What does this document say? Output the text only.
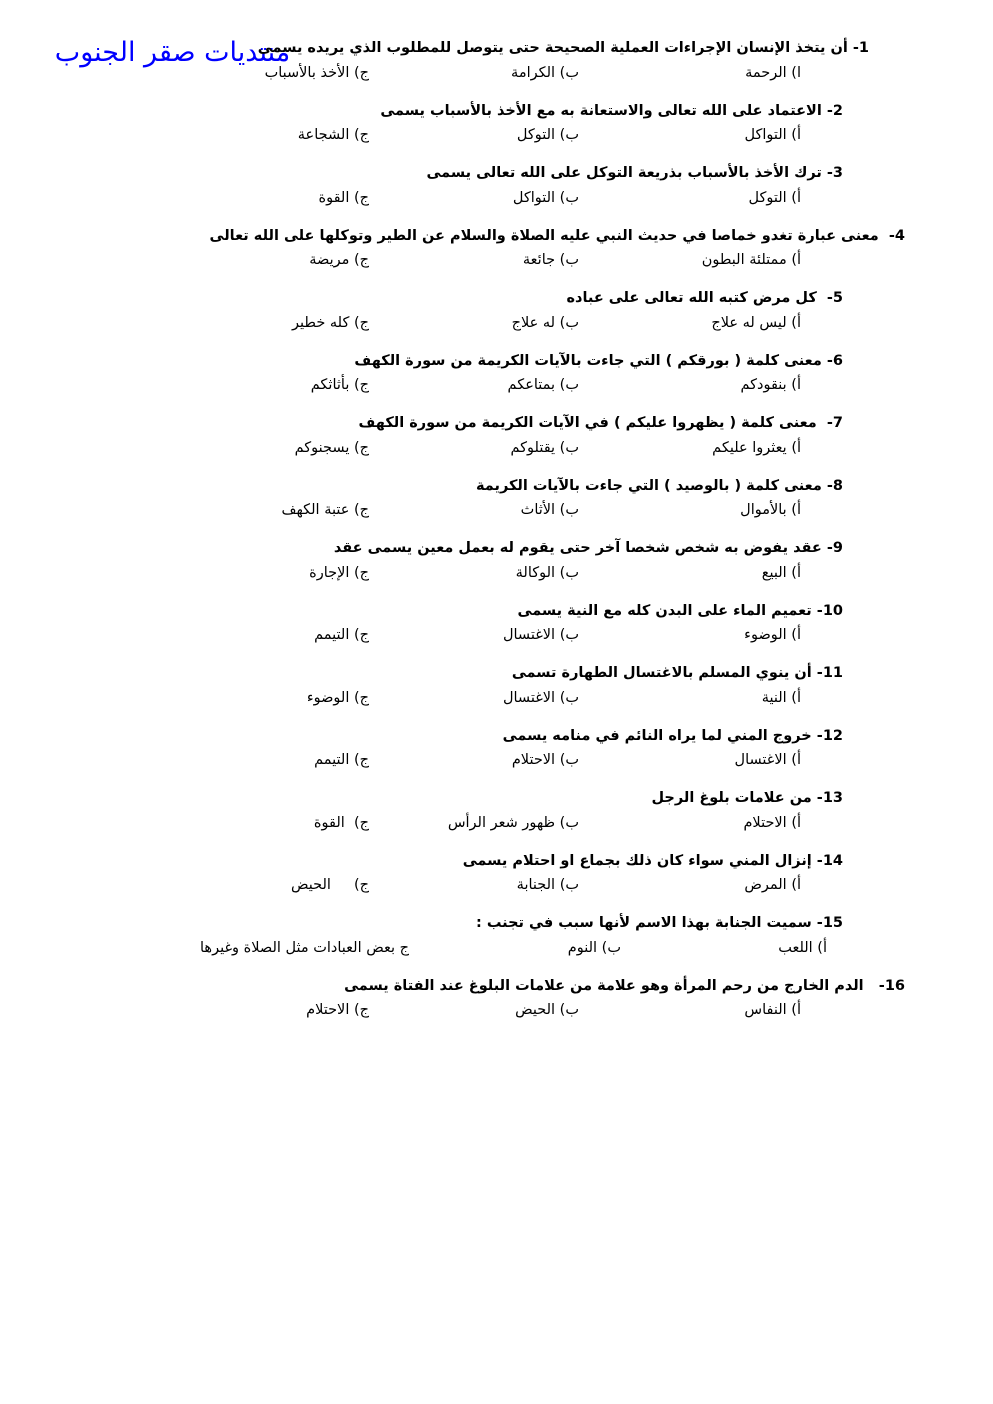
منتديات صقر الجنوب

1- أن يتخذ الإنسان الإجراءات العملية الصحيحة حتى يتوصل للمطلوب الذي يريده يسمى

ا) الرحمة
ب) الكرامة
ج) الأخذ بالأسباب

2- الاعتماد على الله تعالى والاستعانة به مع الأخذ بالأسباب يسمى

أ) التواكل
ب) التوكل
ج) الشجاعة

3- ترك الأخذ بالأسباب بذريعة التوكل على الله تعالى يسمى

أ) التوكل
ب) التواكل
ج) القوة

4-  معنى عبارة تغدو خماصا في حديث النبي عليه الصلاة والسلام عن الطير وتوكلها على الله تعالى

أ) ممتلئة البطون
ب) جائعة
ج) مريضة

5-  كل مرض كتبه الله تعالى على عباده

أ) ليس له علاج
ب) له علاج
ج) كله خطير

6- معنى كلمة ( بورقكم ) التي جاءت بالآيات الكريمة من سورة الكهف

أ) بنقودكم
ب) بمتاعكم
ج) بأثاثكم

7-  معنى كلمة ( يظهروا عليكم ) في الآيات الكريمة من سورة الكهف

أ) يعثروا عليكم
ب) يقتلوكم
ج) يسجنوكم

8- معنى كلمة ( بالوصيد ) التي جاءت بالآيات الكريمة

أ) بالأموال
ب) الأثاث
ج) عتبة الكهف

9- عقد يفوض به شخص شخصا آخر حتى يقوم له بعمل معين يسمى عقد

أ) البيع
ب) الوكالة
ج) الإجارة

10- تعميم الماء على البدن كله مع النية يسمى

أ) الوضوء
ب) الاغتسال
ج) التيمم

11- أن ينوي المسلم بالاغتسال الطهارة تسمى

أ) النية
ب) الاغتسال
ج) الوضوء

12- خروج المني لما يراه النائم في منامه يسمى

أ) الاغتسال
ب) الاحتلام
ج) التيمم

13- من علامات بلوغ الرجل

أ) الاحتلام
ب) ظهور شعر الرأس
ج)  القوة

14- إنزال المني سواء كان ذلك بجماع او احتلام يسمى

أ) المرض
ب) الجنابة
ج)     الحيض

15- سميت الجنابة بهذا الاسم لأنها سبب في تجنب :

أ) اللعب
ب) النوم
ج بعض العبادات مثل الصلاة وغيرها

16-   الدم الخارج من رحم المرأة وهو علامة من علامات البلوغ عند الفتاة يسمى

أ) النفاس
ب) الحيض
ج) الاحتلام
